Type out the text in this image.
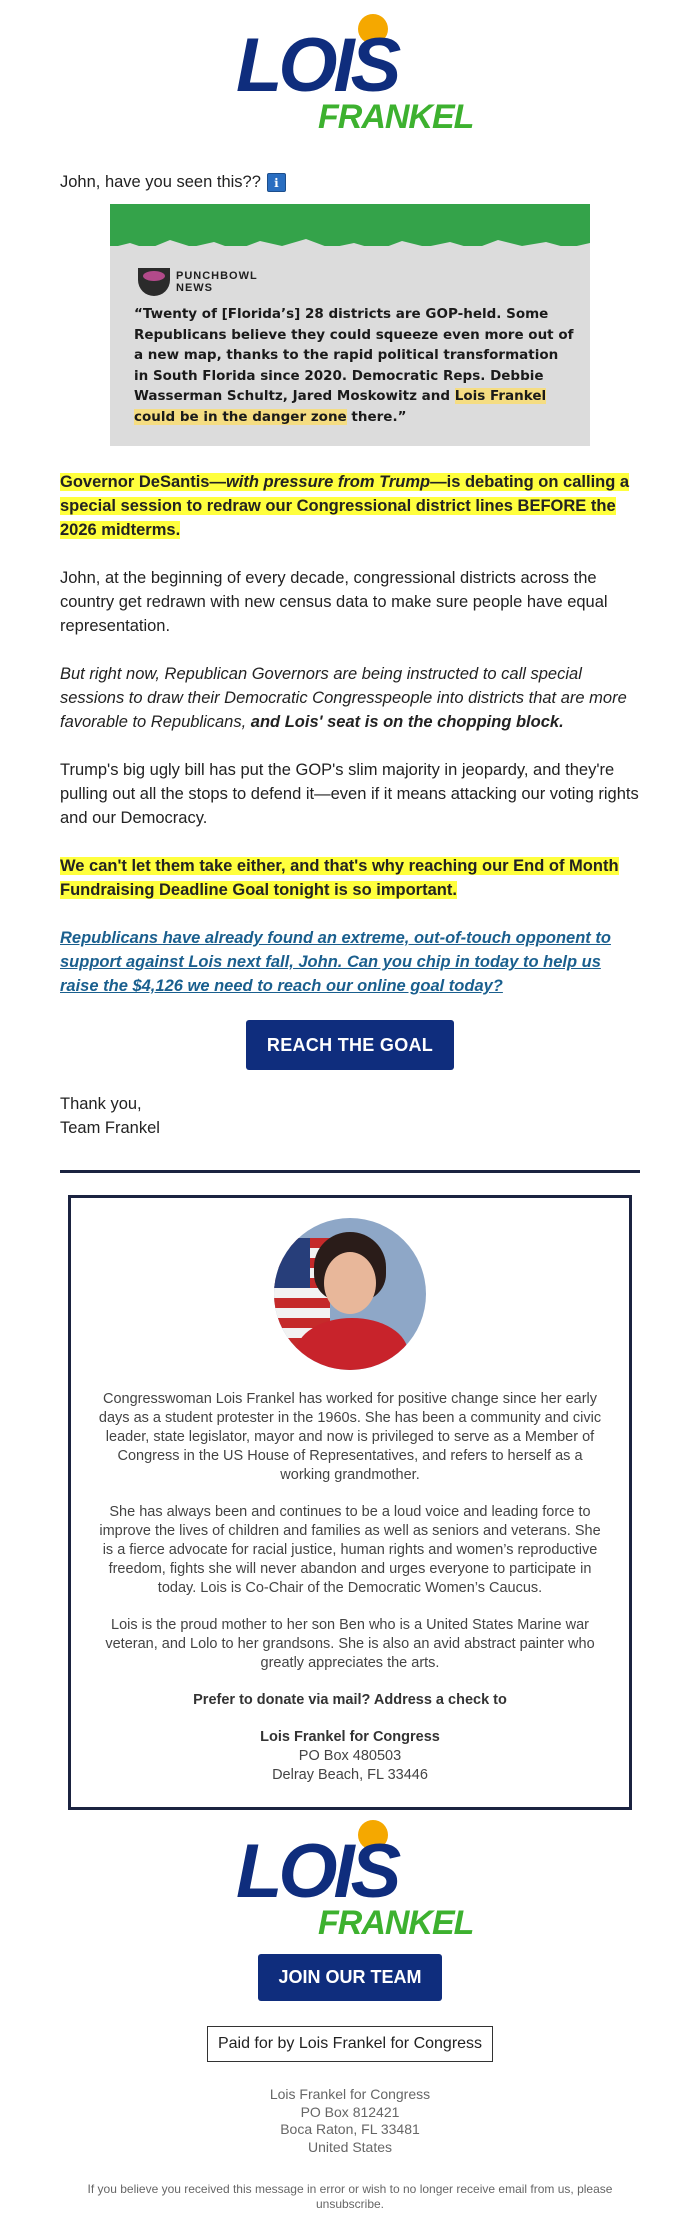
LOIS
FRANKEL
John, have you seen this??	ℹ
PUNCHBOWL
NEWS
“Twenty of [Florida’s] 28 districts are GOP-held. Some Republicans believe they could squeeze even more out of a new map, thanks to the rapid political transformation in South Florida since 2020. Democratic Reps. Debbie Wasserman Schultz, Jared Moskowitz and Lois Frankel could be in the danger zone there.”

Governor DeSantis—with pressure from Trump—is debating on calling a special session to redraw our Congressional district lines BEFORE the 2026 midterms.

John, at the beginning of every decade, congressional districts across the country get redrawn with new census data to make sure people have equal representation.

But right now, Republican Governors are being instructed to call special sessions to draw their Democratic Congresspeople into districts that are more favorable to Republicans, and Lois' seat is on the chopping block.

Trump's big ugly bill has put the GOP's slim majority in jeopardy, and they're pulling out all the stops to defend it—even if it means attacking our voting rights and our Democracy.

We can't let them take either, and that's why reaching our End of Month Fundraising Deadline Goal tonight is so important.

Republicans have already found an extreme, out-of-touch opponent to support against Lois next fall, John. Can you chip in today to help us raise the $4,126 we need to reach our online goal today?

REACH THE GOAL
Thank you,
Team Frankel

Congresswoman Lois Frankel has worked for positive change since her early days as a student protester in the 1960s. She has been a community and civic leader, state legislator, mayor and now is privileged to serve as a Member of Congress in the US House of Representatives, and refers to herself as a working grandmother.

She has always been and continues to be a loud voice and leading force to improve the lives of children and families as well as seniors and veterans. She is a fierce advocate for racial justice, human rights and women’s reproductive freedom, fights she will never abandon and urges everyone to participate in today. Lois is Co-Chair of the Democratic Women’s Caucus.

Lois is the proud mother to her son Ben who is a United States Marine war veteran, and Lolo to her grandsons. She is also an avid abstract painter who greatly appreciates the arts.

Prefer to donate via mail? Address a check to

Lois Frankel for Congress
PO Box 480503
Delray Beach, FL 33446
LOIS
FRANKEL
JOIN OUR TEAM
Paid for by Lois Frankel for Congress
Lois Frankel for Congress
PO Box 812421
Boca Raton, FL 33481
United States
If you believe you received this message in error or wish to no longer receive email from us, please unsubscribe.
